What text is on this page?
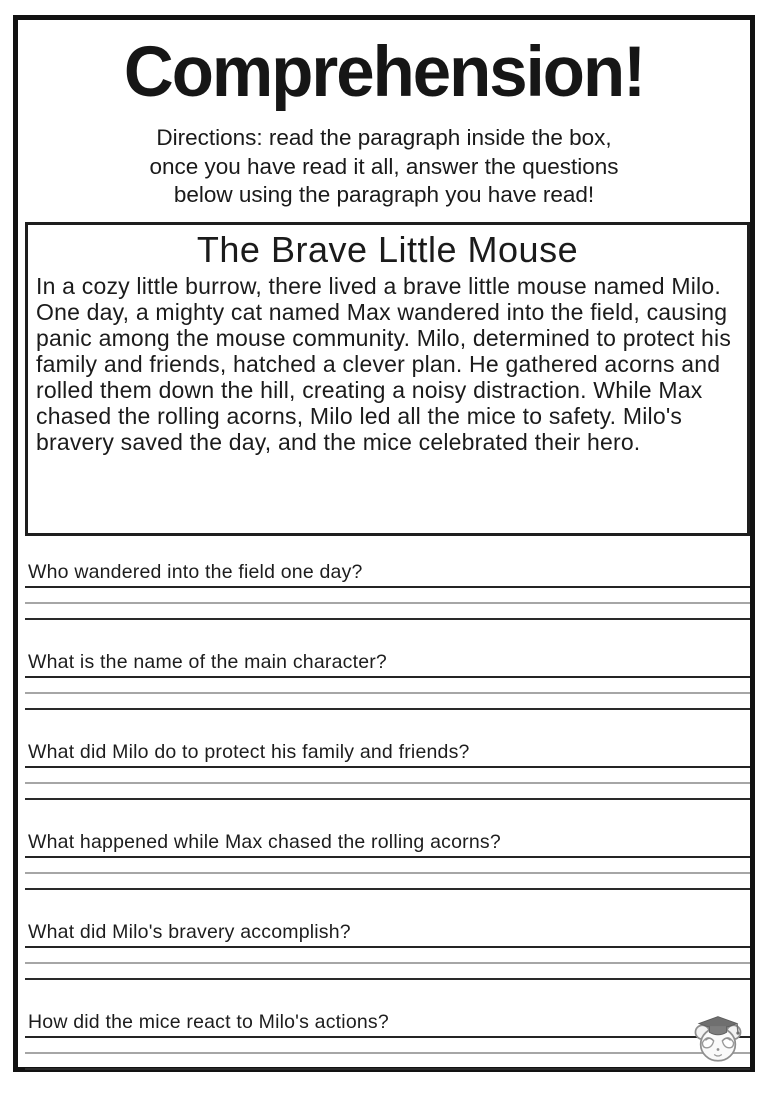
Comprehension!
Directions: read the paragraph inside the box,
once you have read it all, answer the questions
below using the paragraph you have read!
The Brave Little Mouse
In a cozy little burrow, there lived a brave little mouse named Milo. One day, a mighty cat named Max wandered into the field, causing panic among the mouse community. Milo, determined to protect his family and friends, hatched a clever plan. He gathered acorns and rolled them down the hill, creating a noisy distraction. While Max chased the rolling acorns, Milo led all the mice to safety. Milo's bravery saved the day, and the mice celebrated their hero.
Who wandered into the field one day?
What is the name of the main character?
What did Milo do to protect his family and friends?
What happened while Max chased the rolling acorns?
What did Milo's bravery accomplish?
How did the mice react to Milo's actions?
